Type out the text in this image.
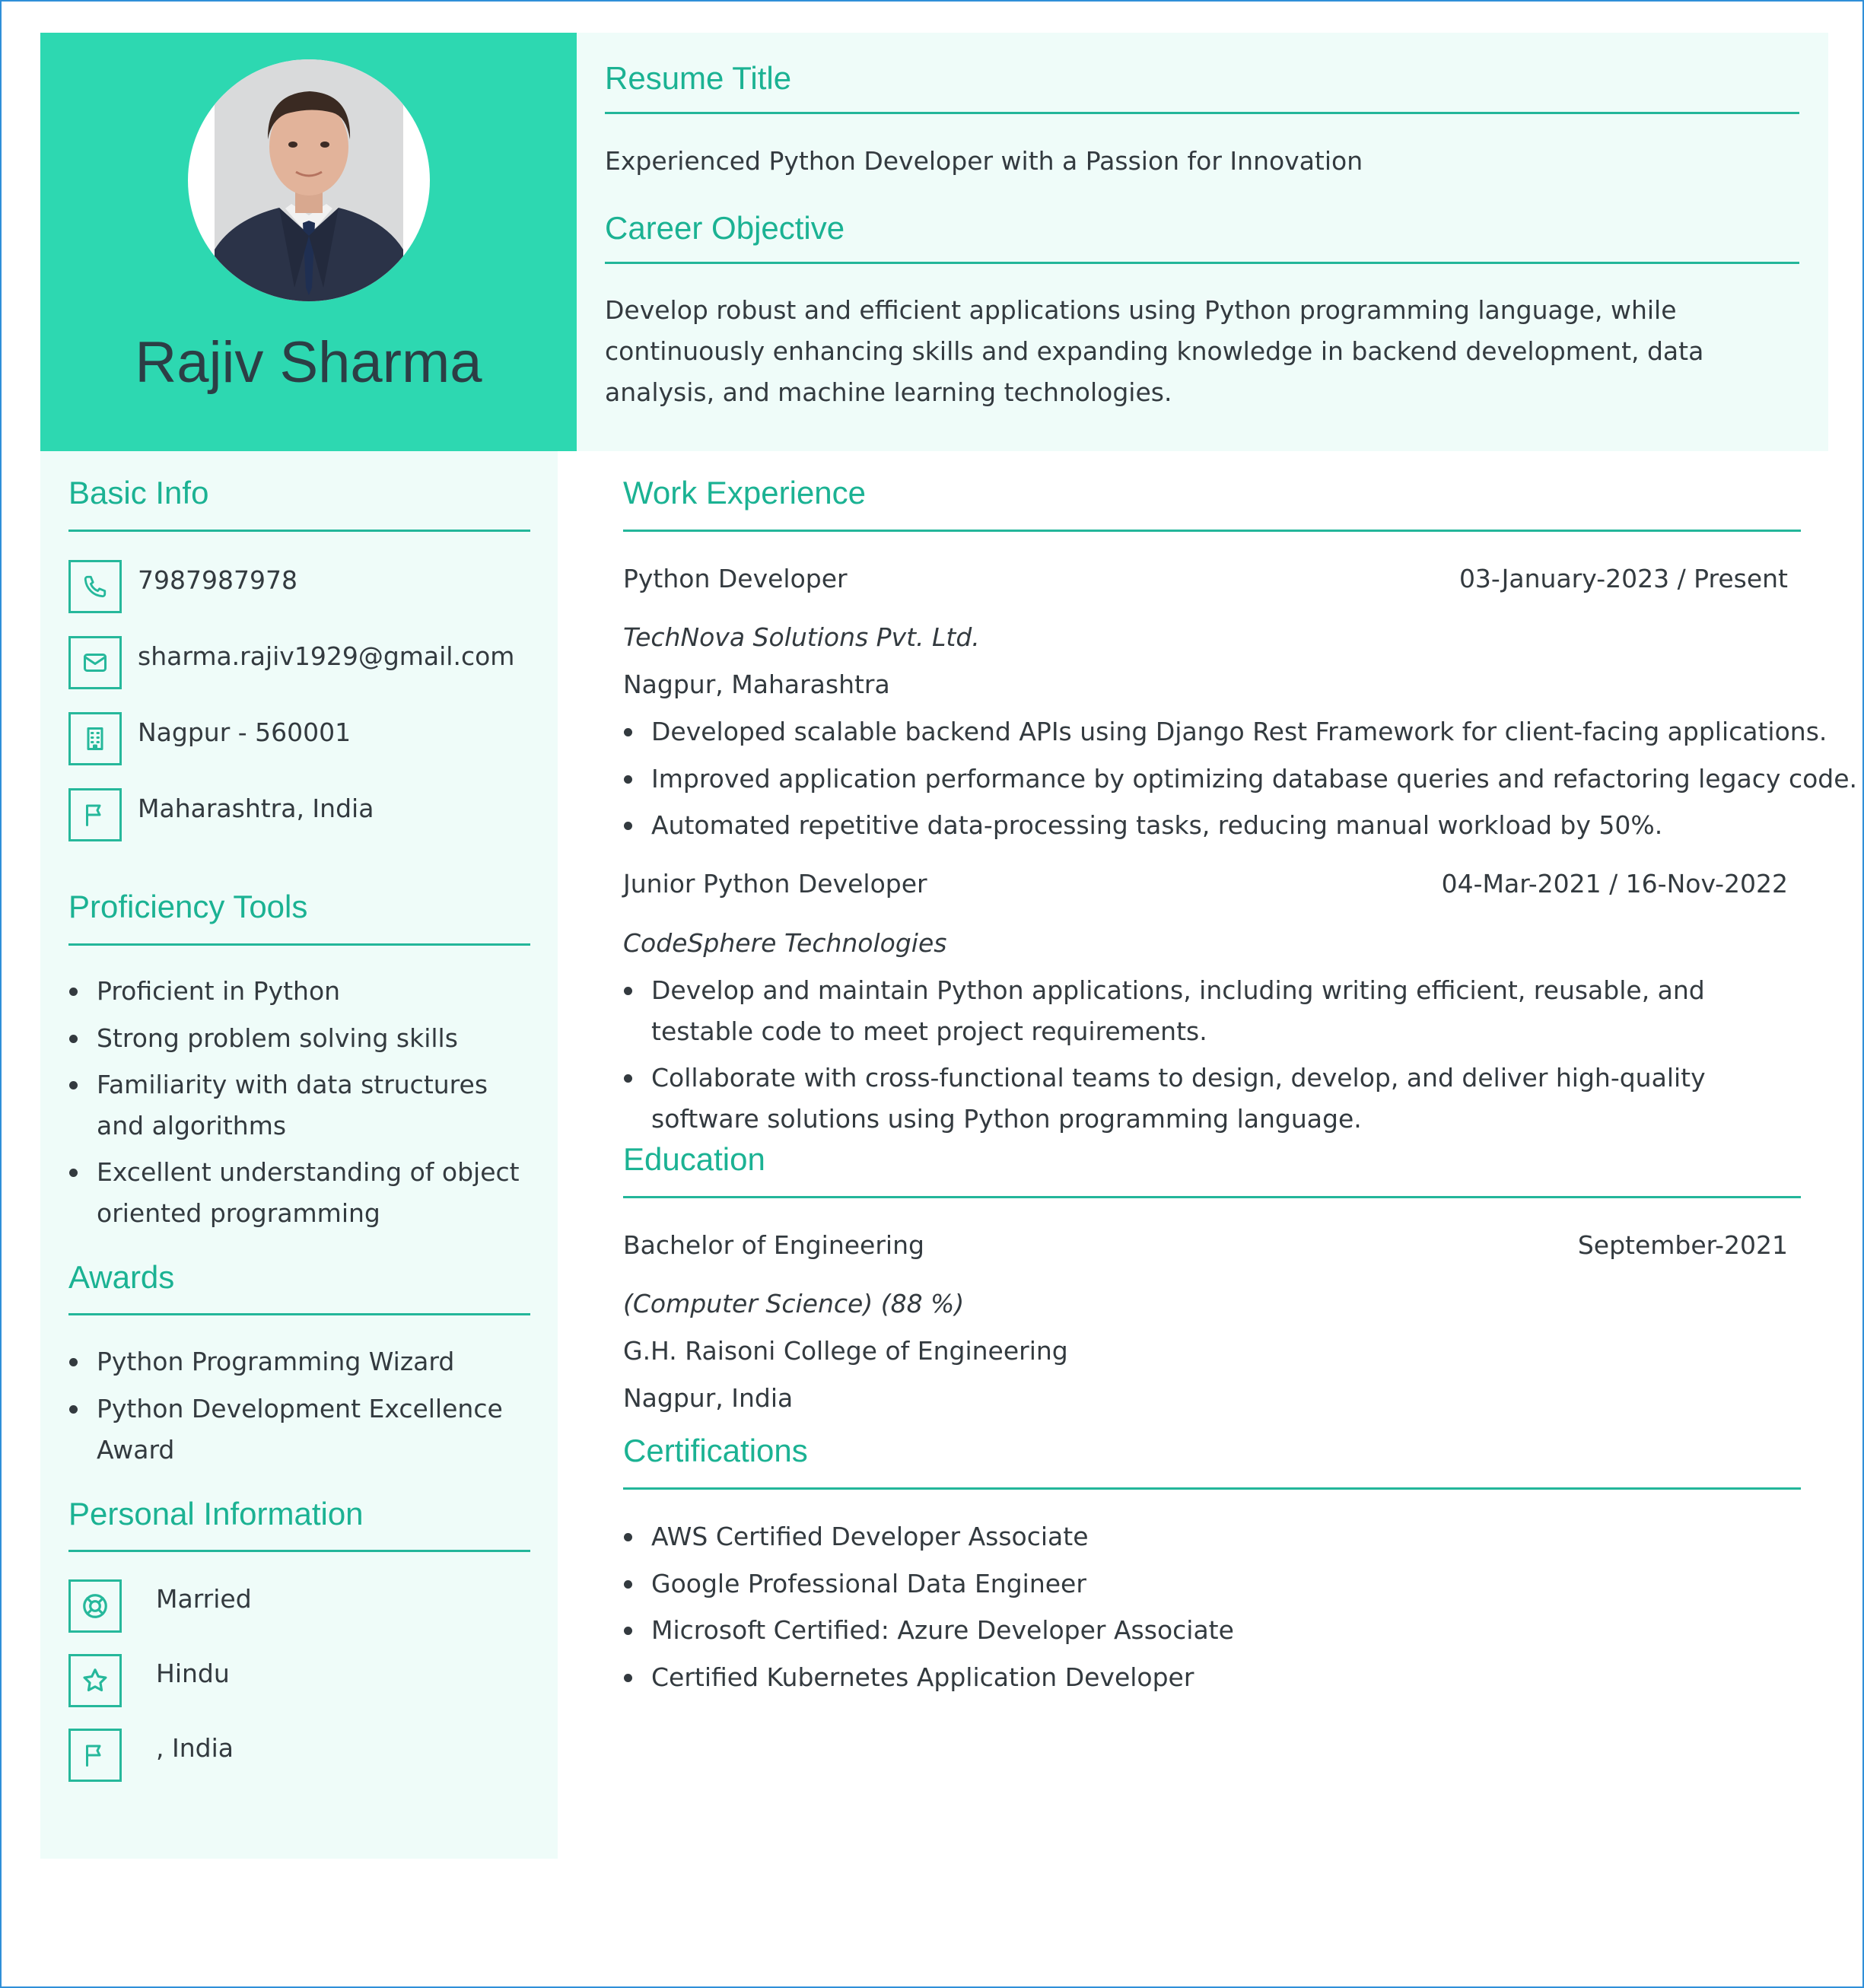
Rajiv Sharma
Resume Title
Experienced Python Developer with a Passion for Innovation
Career Objective
Develop robust and efficient applications using Python programming language, while continuously enhancing skills and expanding knowledge in backend development, data analysis, and machine learning technologies.
Basic Info
7987987978
sharma.rajiv1929@gmail.com
Nagpur - 560001
Maharashtra, India
Proficiency Tools
Proficient in Python
Strong problem solving skills
Familiarity with data structures and algorithms
Excellent understanding of object oriented programming
Awards
Python Programming Wizard
Python Development Excellence Award
Personal Information
Married
Hindu
, India
Work Experience
Python Developer	03-January-2023 / Present
TechNova Solutions Pvt. Ltd.
Nagpur, Maharashtra
Developed scalable backend APIs using Django Rest Framework for client-facing applications.
Improved application performance by optimizing database queries and refactoring legacy code.
Automated repetitive data-processing tasks, reducing manual workload by 50%.
Junior Python Developer	04-Mar-2021 / 16-Nov-2022
CodeSphere Technologies
Develop and maintain Python applications, including writing efficient, reusable, and testable code to meet project requirements.
Collaborate with cross-functional teams to design, develop, and deliver high-quality software solutions using Python programming language.
Education
Bachelor of Engineering	September-2021
(Computer Science) (88 %)
G.H. Raisoni College of Engineering
Nagpur, India
Certifications
AWS Certified Developer Associate
Google Professional Data Engineer
Microsoft Certified: Azure Developer Associate
Certified Kubernetes Application Developer
